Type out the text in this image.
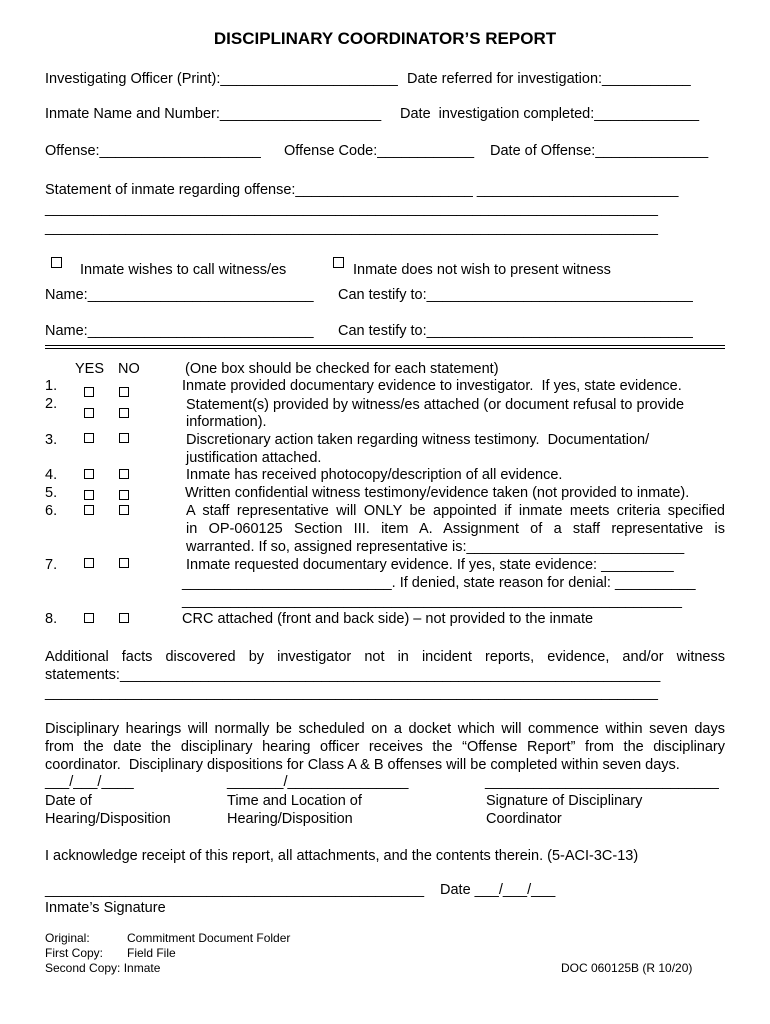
DISCIPLINARY COORDINATOR’S REPORT
Investigating Officer (Print):______________________ Date referred for investigation:___________
Inmate Name and Number:____________________ Date  investigation completed:_____________
Offense:____________________ Offense Code:____________ Date of Offense:______________
Statement of inmate regarding offense:______________________ _________________________
____________________________________________________________________________
____________________________________________________________________________
Inmate wishes to call witness/es	Inmate does not wish to present witness
Name:____________________________ Can testify to:_________________________________
Name:____________________________ Can testify to:_________________________________
YES NO	(One box should be checked for each statement)
1.	Inmate provided documentary evidence to investigator.  If yes, state evidence.
2.	Statement(s) provided by witness/es attached (or document refusal to provide
information).
3.	Discretionary action taken regarding witness testimony.  Documentation/
justification attached.
4.	Inmate has received photocopy/description of all evidence.
5.	Written confidential witness testimony/evidence taken (not provided to inmate).
6.	A staff representative will ONLY be appointed if inmate meets criteria specified
in OP-060125 Section III. item A. Assignment of a staff representative is
warranted. If so, assigned representative is:___________________________
7.	Inmate requested documentary evidence. If yes, state evidence: _________
__________________________. If denied, state reason for denial: __________
______________________________________________________________
8.	CRC attached (front and back side) – not provided to the inmate
Additional facts discovered by investigator not in incident reports, evidence, and/or witness
statements:___________________________________________________________________
____________________________________________________________________________
Disciplinary hearings will normally be scheduled on a docket which will commence within seven days
from the date the disciplinary hearing officer receives the “Offense Report” from the disciplinary
coordinator.  Disciplinary dispositions for Class A & B offenses will be completed within seven days.
___/___/____	_______/_______________	_____________________________
Date of
Hearing/Disposition
Time and Location of
Hearing/Disposition
Signature of Disciplinary
Coordinator
I acknowledge receipt of this report, all attachments, and the contents therein. (5-ACI-3C-13)
_______________________________________________ Date ___/___/___
Inmate’s Signature
Original:	Commitment Document Folder
First Copy: Field File
Second Copy: Inmate	DOC 060125B (R 10/20)
